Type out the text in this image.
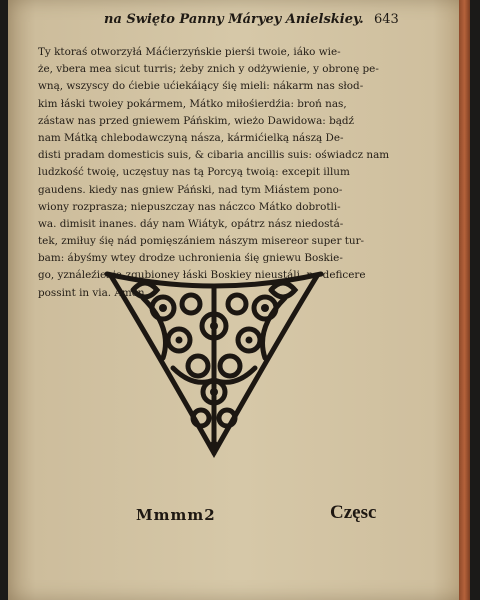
na Swięto Panny Máryey Anielskiey. 643
Ty ktoraś otworzyłá Máćierzyńskie pierśi twoie, iáko wie-
że, vbera mea sicut turris; żeby znich y odżywienie, y obronę pe-
wną, wszyscy do ćiebie ućiekáiący śię mieli: nákarm nas słod-
kim łáski twoiey pokármem, Mátko miłośierdźia: broń nas,
zástaw nas przed gniewem Páńskim, wieżo Dawidowa: bądź
nam Mátką chlebodawczyną násza, kármićielką nászą De-
disti pradam domesticis suis, & cibaria ancillis suis: oświadcz nam
ludzkość twoię, uczęstuy nas tą Porcyą twoią: excepit illum
gaudens. kiedy nas gniew Páński, nad tym Miástem pono-
wiony rozprasza; niepuszczay nas náczco Mátko dobrotli-
wa. dimisit inanes. dáy nam Wiátyk, opátrz nász niedostá-
tek, zmiłuy śię nád pomięszániem nászym misereor super tur-
bam: ábyśmy wtey drodze uchronienia śię gniewu Boskie-
go, yználeźienia zgubioney łáski Boskiey nieustáli. ne deficere
possint in via. Amen.
Mmmm2	Częsc
